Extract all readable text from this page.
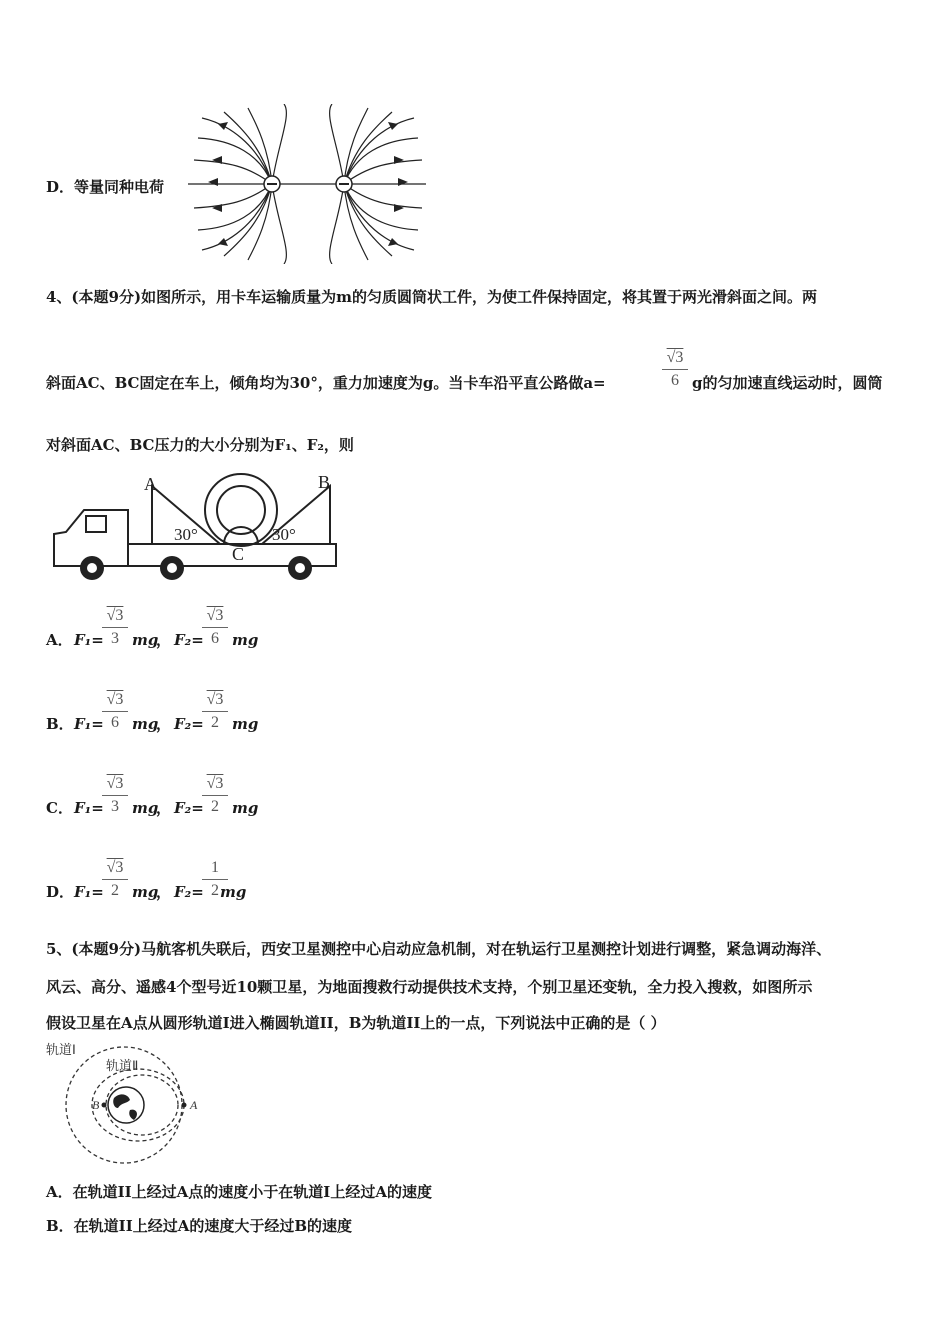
D．等量同种电荷
4、(本题9分)如图所示，用卡车运输质量为m的匀质圆筒状工件，为使工件保持固定，将其置于两光滑斜面之间。两
斜面AC、BC固定在车上，倾角均为30°，重力加速度为g。当卡车沿平直公路做a=
√3
6 g的匀加速直线运动时，圆筒
对斜面AC、BC压力的大小分别为F₁、F₂，则
A	B
C
30°	30°
A． F₁=
√3
3 mg
， F₂=
√3
6 mg
B． F₁=
√3
6 mg
， F₂=
√3
2 mg
C． F₁=
√3
3 mg
， F₂=
√3
2 mg
D． F₁=
√3
2 mg
， F₂=
1
2 mg
5、(本题9分)马航客机失联后，西安卫星测控中心启动应急机制，对在轨运行卫星测控计划进行调整，紧急调动海洋、
风云、高分、遥感4个型号近10颗卫星，为地面搜救行动提供技术支持，个别卫星还变轨，全力投入搜救，如图所示
假设卫星在A点从圆形轨道I进入椭圆轨道II，B为轨道II上的一点，下列说法中正确的是（ ）
轨道Ⅰ
轨道Ⅱ
A
B
A．在轨道II上经过A点的速度小于在轨道I上经过A的速度
B．在轨道II上经过A的速度大于经过B的速度
